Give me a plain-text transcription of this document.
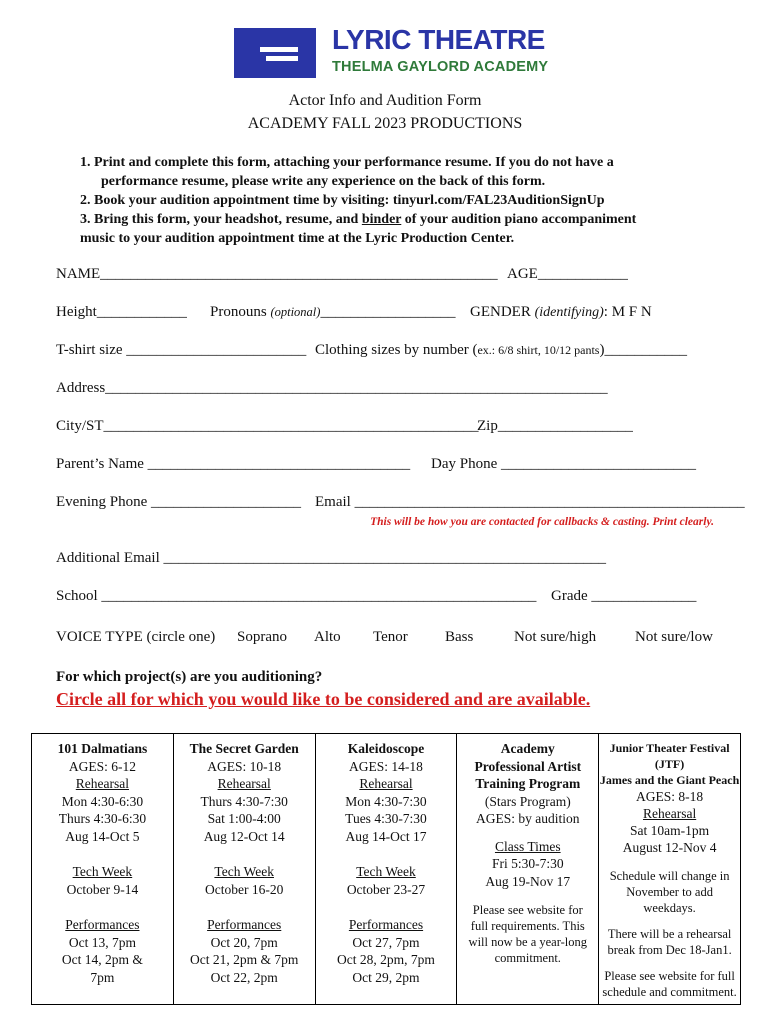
LYRIC THEATRE
THELMA GAYLORD ACADEMY
Actor Info and Audition Form
ACADEMY FALL 2023 PRODUCTIONS
1. Print and complete this form, attaching your performance resume. If you do not have a
performance resume, please write any experience on the back of this form.
2. Book your audition appointment time by visiting: tinyurl.com/FAL23AuditionSignUp
3. Bring this form, your headshot, resume, and binder of your audition piano accompaniment
music to your audition appointment time at the Lyric Production Center.
NAME_____________________________________________________ AGE____________
Height____________ Pronouns (optional)__________________ GENDER (identifying): M F N
T-shirt size ________________________ Clothing sizes by number (ex.: 6/8 shirt, 10/12 pants)___________
Address___________________________________________________________________
City/ST__________________________________________________
Zip__________________
Parent’s Name ___________________________________ Day Phone __________________________
Evening Phone ____________________ Email ____________________________________________________
This will be how you are contacted for callbacks & casting. Print clearly.
Additional Email ___________________________________________________________
School __________________________________________________________ Grade ______________
VOICE TYPE (circle one) Soprano Alto Tenor Bass	Not sure/high	Not sure/low
For which project(s) are you auditioning?
Circle all for which you would like to be considered and are available.
101 Dalmatians
AGES: 6-12
Rehearsal
Mon 4:30-6:30
Thurs 4:30-6:30
Aug 14-Oct 5
Tech Week
October 9-14
Performances
Oct 13, 7pm
Oct 14, 2pm &
7pm
The Secret Garden
AGES: 10-18
Rehearsal
Thurs 4:30-7:30
Sat 1:00-4:00
Aug 12-Oct 14
Tech Week
October 16-20
Performances
Oct 20, 7pm
Oct 21, 2pm & 7pm
Oct 22, 2pm
Kaleidoscope
AGES: 14-18
Rehearsal
Mon 4:30-7:30
Tues 4:30-7:30
Aug 14-Oct 17
Tech Week
October 23-27
Performances
Oct 27, 7pm
Oct 28, 2pm, 7pm
Oct 29, 2pm
Academy
Professional Artist
Training Program
(Stars Program)
AGES: by audition
Class Times
Fri 5:30-7:30
Aug 19-Nov 17
Please see website for
full requirements. This
will now be a year-long
commitment.
Junior Theater Festival
(JTF)
James and the Giant Peach
AGES: 8-18
Rehearsal
Sat 10am-1pm
August 12-Nov 4
Schedule will change in
November to add weekdays.
There will be a rehearsal
break from Dec 18-Jan1.
Please see website for full
schedule and commitment.
